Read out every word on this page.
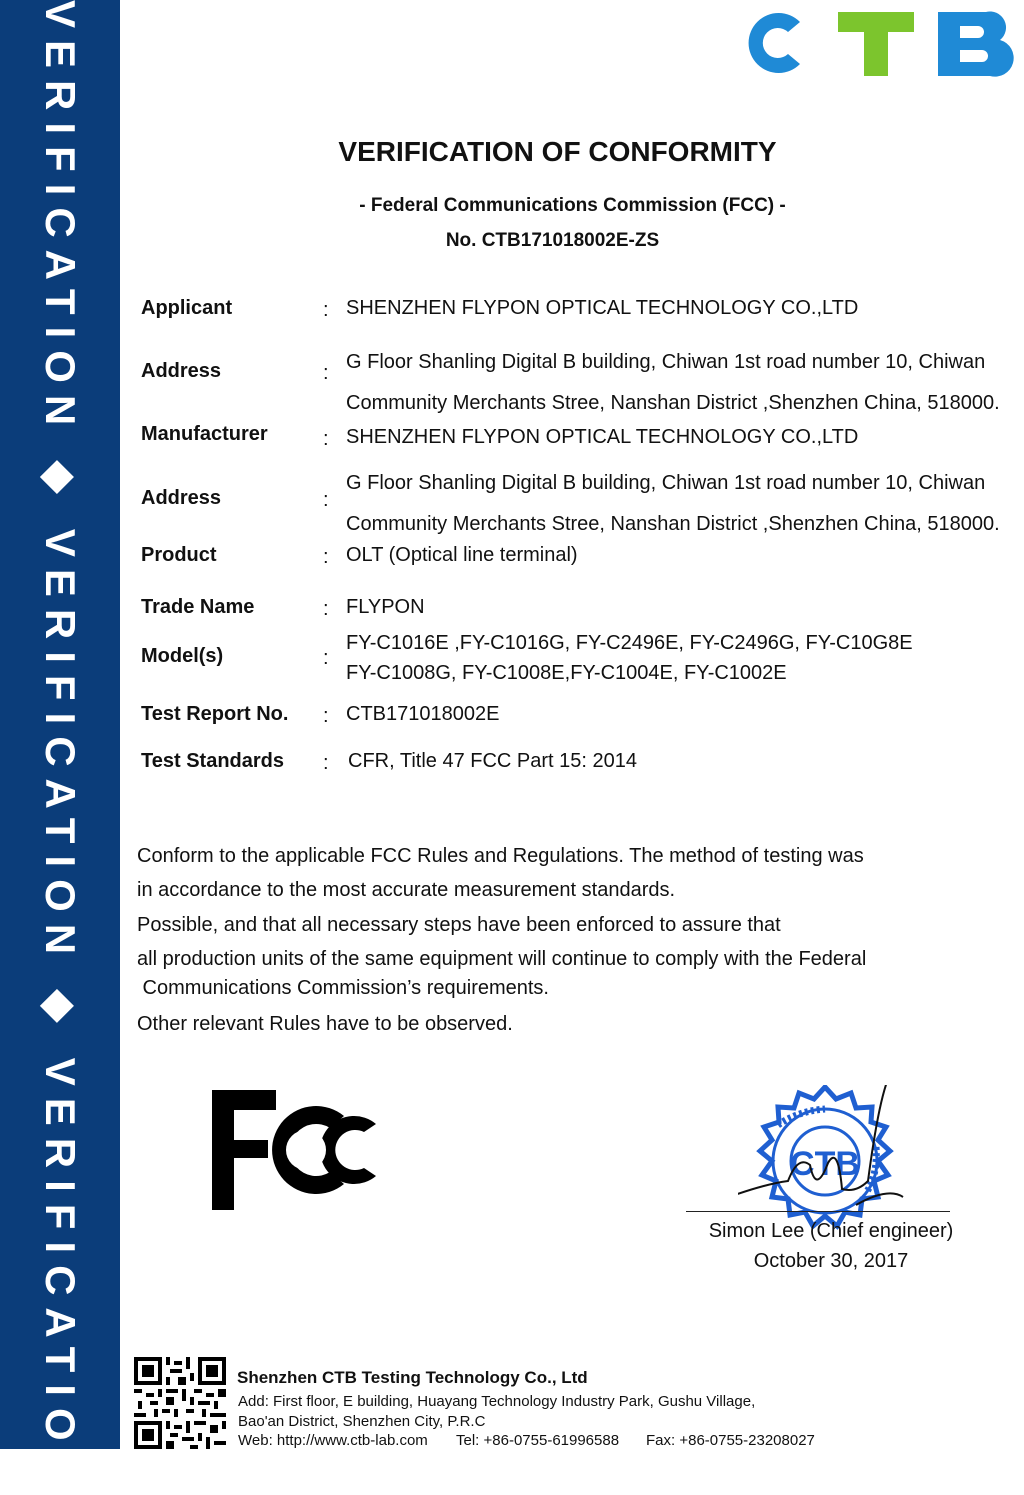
VERIFICATION ◆ VERIFICATION ◆ VERIFICATION	VERIFICATION OF CONFORMITY
- Federal Communications Commission (FCC) -
No. CTB171018002E-ZS
Applicant	: SHENZHEN FLYPON OPTICAL TECHNOLOGY CO.,LTD
Address	: G Floor Shanling Digital B building, Chiwan 1st road number 10, Chiwan
Community Merchants Stree, Nanshan District ,Shenzhen China, 518000.
Manufacturer	: SHENZHEN FLYPON OPTICAL TECHNOLOGY CO.,LTD
Address	:
G Floor Shanling Digital B building, Chiwan 1st road number 10, Chiwan
Community Merchants Stree, Nanshan District ,Shenzhen China, 518000.
Product	: OLT (Optical line terminal)
Trade Name	: FLYPON
Model(s)	:
FY-C1016E ,FY-C1016G, FY-C2496E, FY-C2496G, FY-C10G8E
FY-C1008G, FY-C1008E,FY-C1004E, FY-C1002E
Test Report No. : CTB171018002E
Test Standards : CFR, Title 47 FCC Part 15: 2014
Conform to the applicable FCC Rules and Regulations. The method of testing was
in accordance to the most accurate measurement standards.
Possible, and that all necessary steps have been enforced to assure that
all production units of the same equipment will continue to comply with the Federal
Communications Commission’s requirements.
Other relevant Rules have to be observed.
CTB
Simon Lee (Chief engineer)
October 30, 2017
Shenzhen CTB Testing Technology Co., Ltd
Add: First floor, E building, Huayang Technology Industry Park, Gushu Village,
Bao'an District, Shenzhen City, P.R.C
Web: http://www.ctb-lab.com Tel: +86-0755-61996588 Fax: +86-0755-23208027
